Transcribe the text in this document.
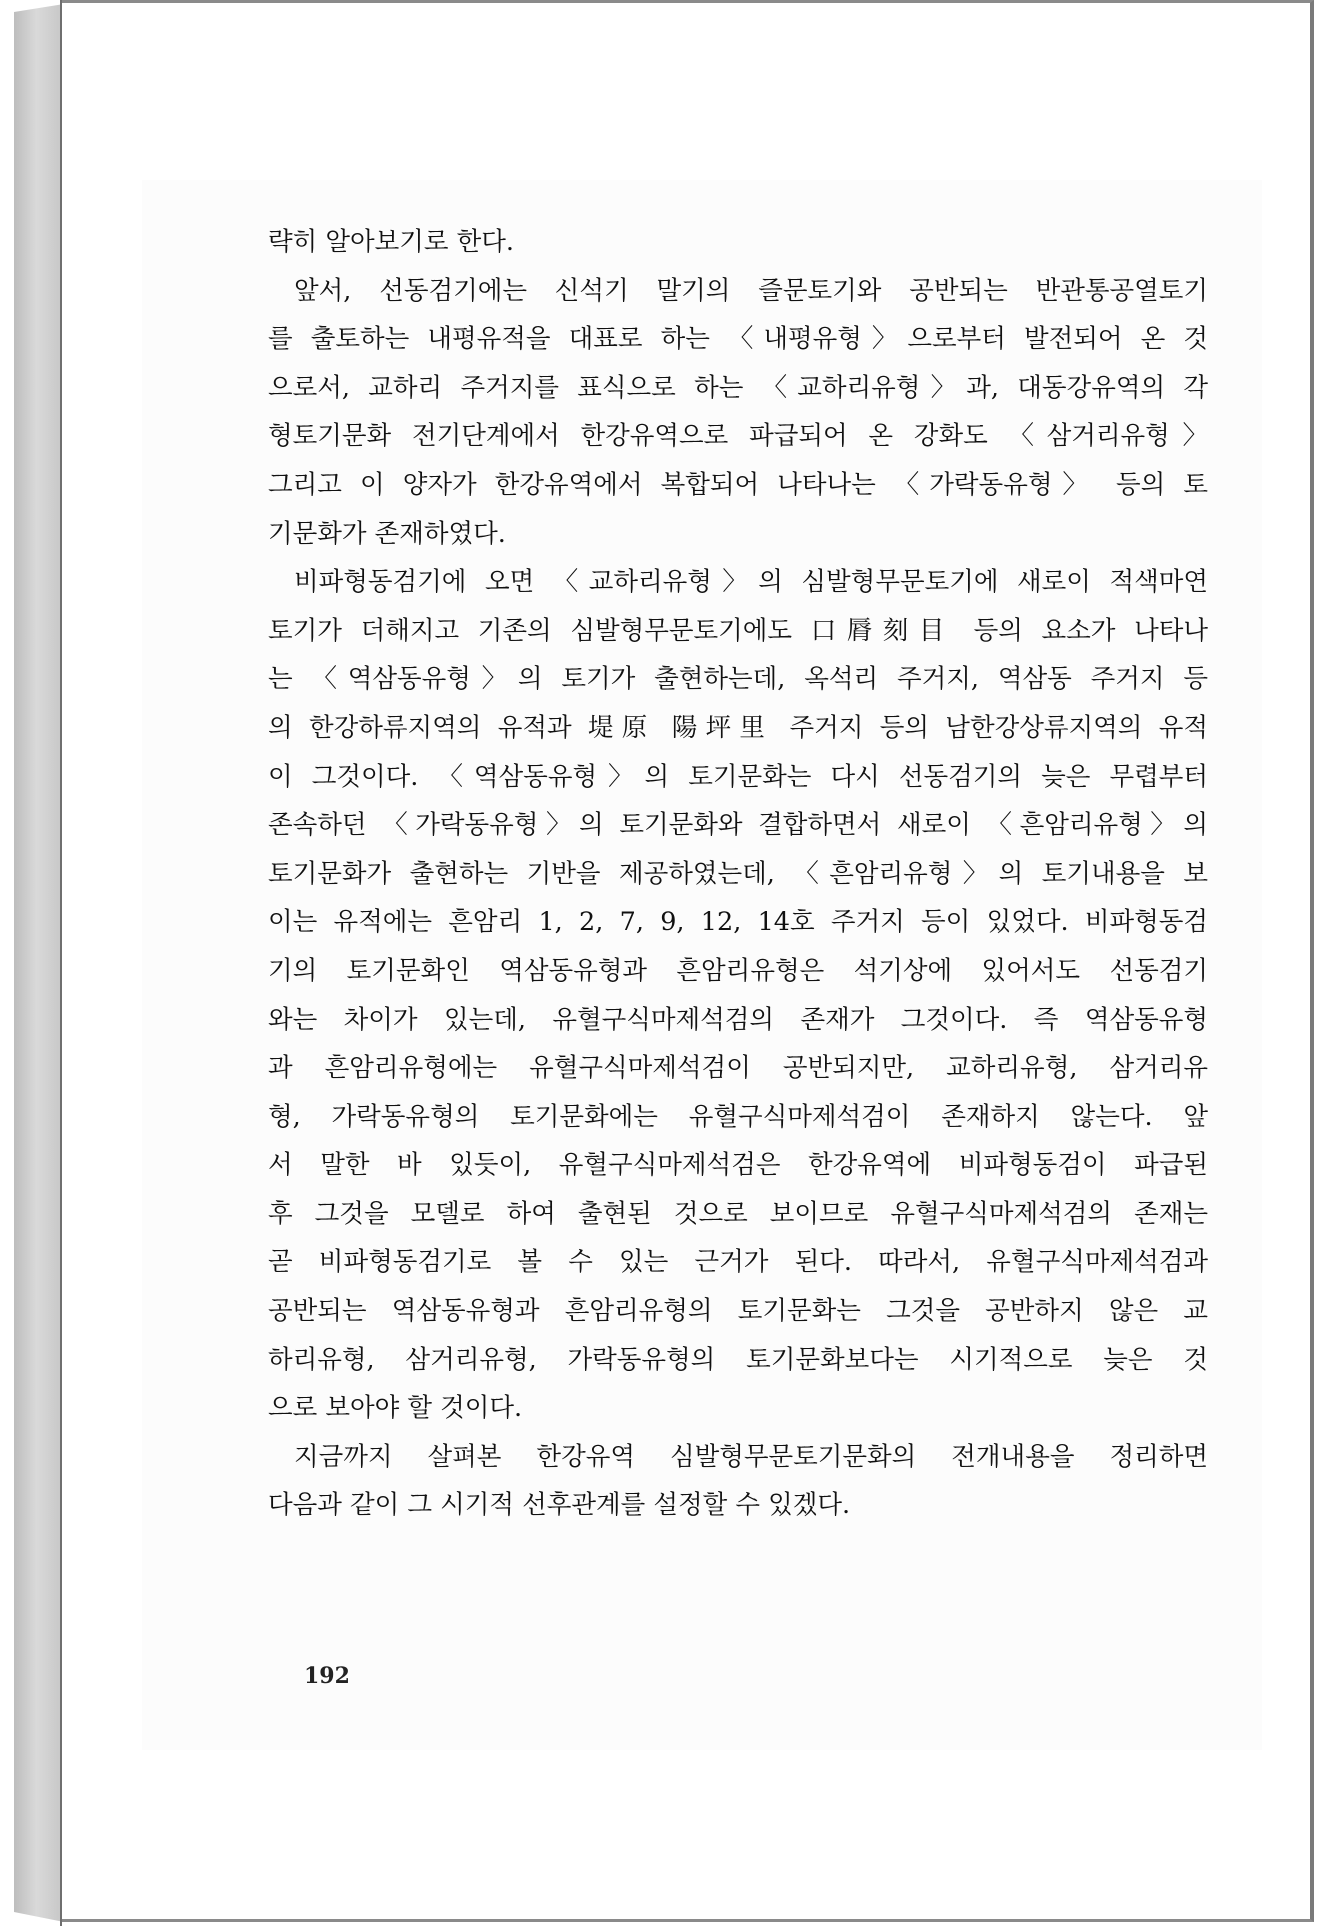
략히 알아보기로 한다.
앞서, 선동검기에는 신석기 말기의 즐문토기와 공반되는 반관통공열토기
를 출토하는 내평유적을 대표로 하는 〈내평유형〉으로부터 발전되어 온 것
으로서, 교하리 주거지를 표식으로 하는 〈교하리유형〉과, 대동강유역의 각
형토기문화 전기단계에서 한강유역으로 파급되어 온 강화도 〈삼거리유형〉
그리고 이 양자가 한강유역에서 복합되어 나타나는 〈가락동유형〉 등의 토
기문화가 존재하였다.
비파형동검기에 오면 〈교하리유형〉의 심발형무문토기에 새로이 적색마연
토기가 더해지고 기존의 심발형무문토기에도 口脣刻目 등의 요소가 나타나
는 〈역삼동유형〉의 토기가 출현하는데, 옥석리 주거지, 역삼동 주거지 등
의 한강하류지역의 유적과 堤原 陽坪里 주거지 등의 남한강상류지역의 유적
이 그것이다. 〈역삼동유형〉의 토기문화는 다시 선동검기의 늦은 무렵부터
존속하던 〈가락동유형〉의 토기문화와 결합하면서 새로이 〈흔암리유형〉의
토기문화가 출현하는 기반을 제공하였는데, 〈흔암리유형〉의 토기내용을 보
이는 유적에는 흔암리 1, 2, 7, 9, 12, 14호 주거지 등이 있었다. 비파형동검
기의 토기문화인 역삼동유형과 흔암리유형은 석기상에 있어서도 선동검기
와는 차이가 있는데, 유혈구식마제석검의 존재가 그것이다. 즉 역삼동유형
과 흔암리유형에는 유혈구식마제석검이 공반되지만, 교하리유형, 삼거리유
형, 가락동유형의 토기문화에는 유혈구식마제석검이 존재하지 않는다. 앞
서 말한 바 있듯이, 유혈구식마제석검은 한강유역에 비파형동검이 파급된
후 그것을 모델로 하여 출현된 것으로 보이므로 유혈구식마제석검의 존재는
곧 비파형동검기로 볼 수 있는 근거가 된다. 따라서, 유혈구식마제석검과
공반되는 역삼동유형과 흔암리유형의 토기문화는 그것을 공반하지 않은 교
하리유형, 삼거리유형, 가락동유형의 토기문화보다는 시기적으로 늦은 것
으로 보아야 할 것이다.
지금까지 살펴본 한강유역 심발형무문토기문화의 전개내용을 정리하면
다음과 같이 그 시기적 선후관계를 설정할 수 있겠다.
192
